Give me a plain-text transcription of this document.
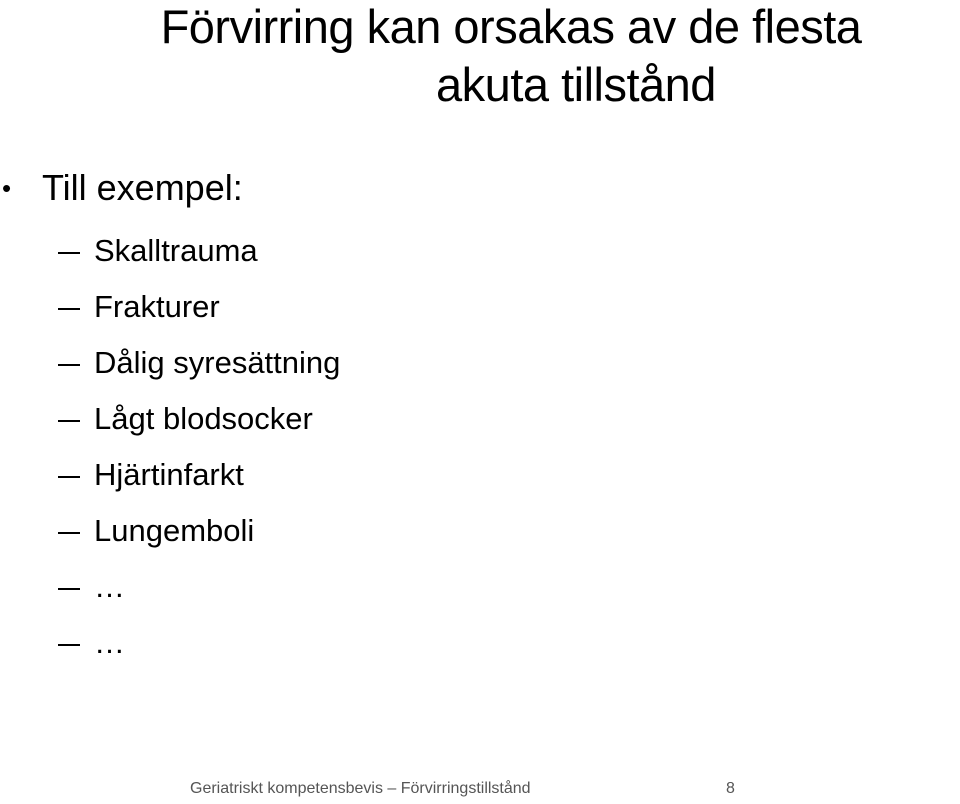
Förvirring kan orsakas av de flesta
akuta tillstånd
• Till exempel:
Skalltrauma
Frakturer
Dålig syresättning
Lågt blodsocker
Hjärtinfarkt
Lungemboli
…
…
Geriatriskt kompetensbevis – Förvirringstillstånd	8
